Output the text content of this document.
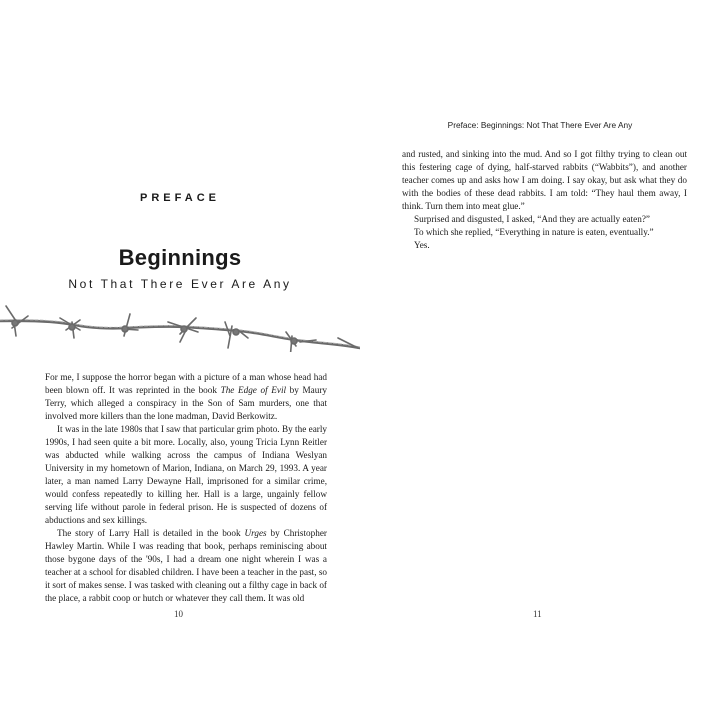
PREFACE
Beginnings
Not That There Ever Are Any

For me, I suppose the horror began with a picture of a man whose head had been blown off. It was reprinted in the book The Edge of Evil by Maury Terry, which alleged a conspiracy in the Son of Sam murders, one that involved more killers than the lone madman, David Berkowitz.

It was in the late 1980s that I saw that particular grim photo. By the early 1990s, I had seen quite a bit more. Locally, also, young Tricia Lynn Reitler was abducted while walking across the campus of Indiana Weslyan University in my hometown of Marion, Indiana, on March 29, 1993. A year later, a man named Larry Dewayne Hall, imprisoned for a similar crime, would confess repeatedly to killing her. Hall is a large, ungainly fellow serving life without parole in federal prison. He is suspected of dozens of abductions and sex killings.

The story of Larry Hall is detailed in the book Urges by Christopher Hawley Martin. While I was reading that book, perhaps reminiscing about those bygone days of the '90s, I had a dream one night wherein I was a teacher at a school for disabled children. I have been a teacher in the past, so it sort of makes sense. I was tasked with cleaning out a filthy cage in back of the place, a rabbit coop or hutch or whatever they call them. It was old

10
Preface: Beginnings: Not That There Ever Are Any

and rusted, and sinking into the mud. And so I got filthy trying to clean out this festering cage of dying, half-starved rabbits (“Wabbits”), and another teacher comes up and asks how I am doing. I say okay, but ask what they do with the bodies of these dead rabbits. I am told: “They haul them away, I think. Turn them into meat glue.”

Surprised and disgusted, I asked, “And they are actually eaten?”

To which she replied, “Everything in nature is eaten, eventually.”

Yes.

11
